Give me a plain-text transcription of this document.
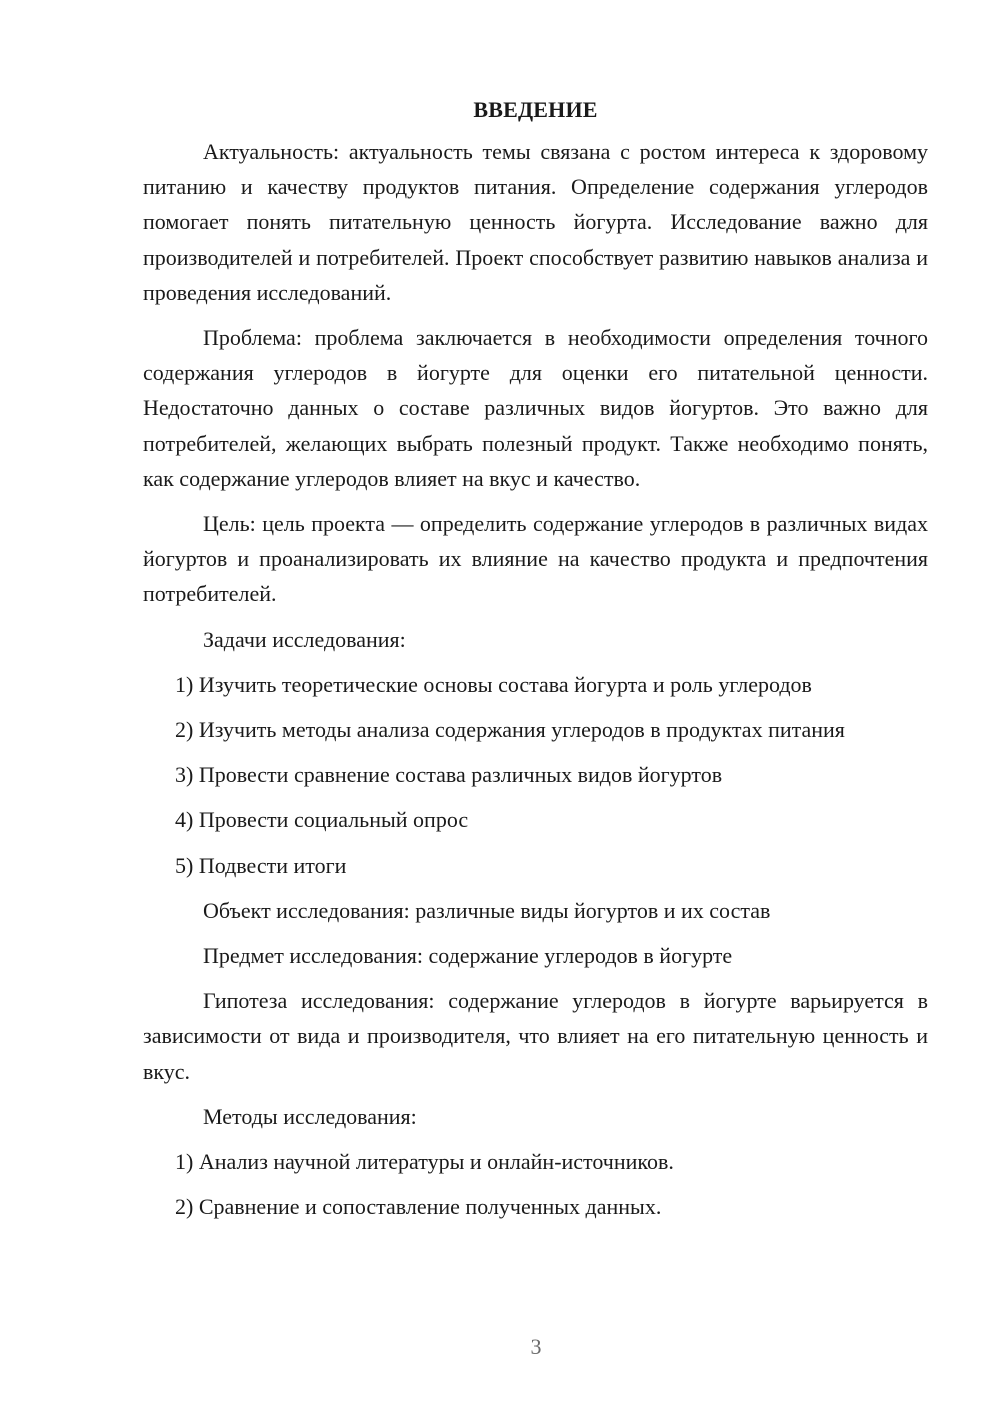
ВВЕДЕНИЕ

Актуальность: актуальность темы связана с ростом интереса к здоровому питанию и качеству продуктов питания. Определение содержания углеродов помогает понять питательную ценность йогурта. Исследование важно для производителей и потребителей. Проект способствует развитию навыков анализа и проведения исследований.

Проблема: проблема заключается в необходимости определения точного содержания углеродов в йогурте для оценки его питательной ценности. Недостаточно данных о составе различных видов йогуртов. Это важно для потребителей, желающих выбрать полезный продукт. Также необходимо понять, как содержание углеродов влияет на вкус и качество.

Цель: цель проекта — определить содержание углеродов в различных видах йогуртов и проанализировать их влияние на качество продукта и предпочтения потребителей.

Задачи исследования:

1) Изучить теоретические основы состава йогурта и роль углеродов

2) Изучить методы анализа содержания углеродов в продуктах питания

3) Провести сравнение состава различных видов йогуртов

4) Провести социальный опрос

5) Подвести итоги

Объект исследования: различные виды йогуртов и их состав

Предмет исследования: содержание углеродов в йогурте

Гипотеза исследования: содержание углеродов в йогурте варьируется в зависимости от вида и производителя, что влияет на его питательную ценность и вкус.

Методы исследования:

1) Анализ научной литературы и онлайн-источников.

2) Сравнение и сопоставление полученных данных.

3
